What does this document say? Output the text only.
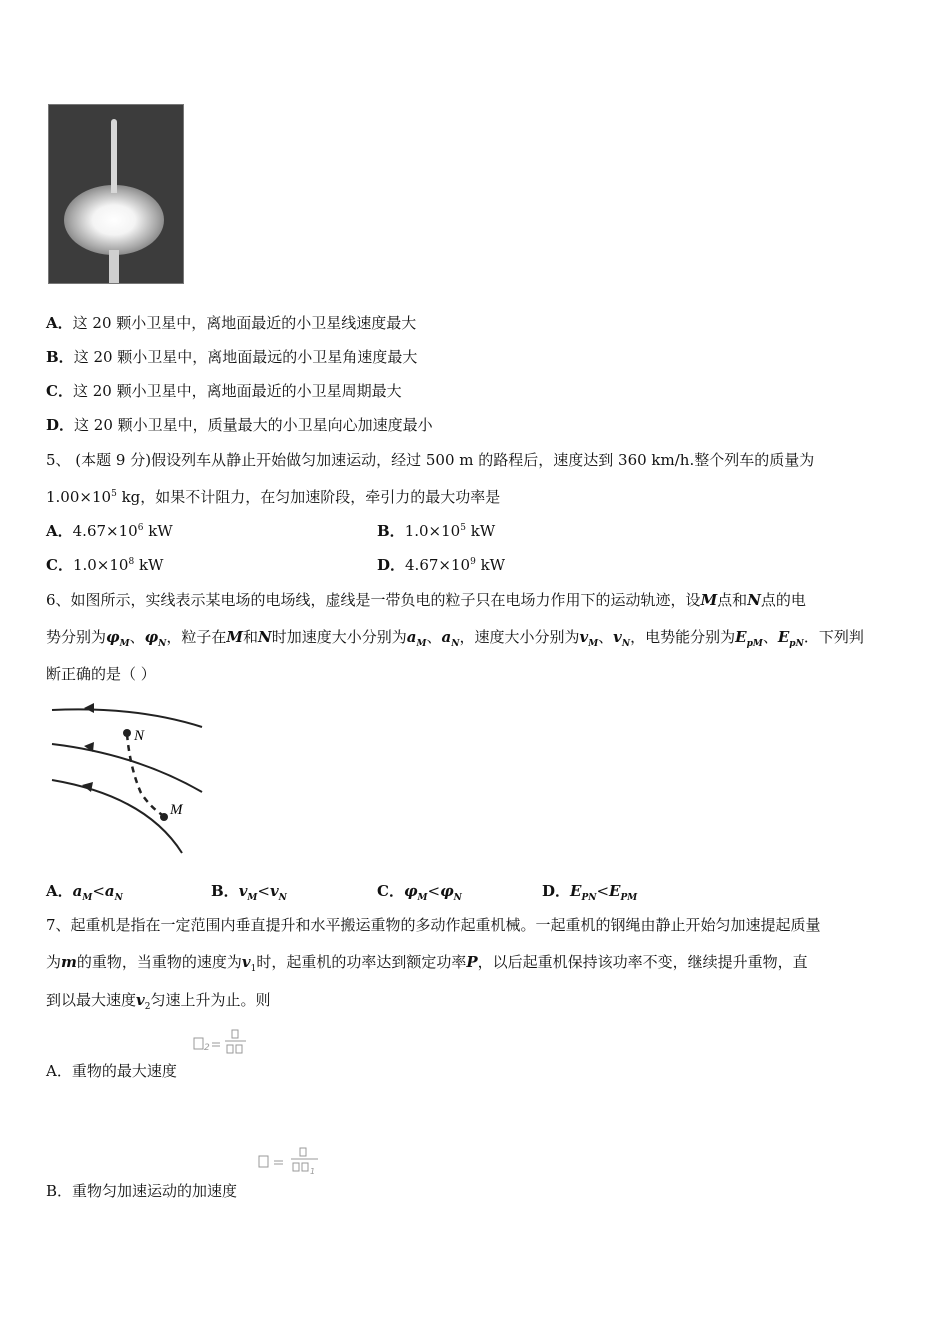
A．这 20 颗小卫星中，离地面最近的小卫星线速度最大
B．这 20 颗小卫星中，离地面最远的小卫星角速度最大
C．这 20 颗小卫星中，离地面最近的小卫星周期最大
D．这 20 颗小卫星中，质量最大的小卫星向心加速度最小
5、 (本题 9 分)假设列车从静止开始做匀加速运动，经过 500 m 的路程后，速度达到 360 km/h.整个列车的质量为
$1.00\times 10^5$ kg，如果不计阻力，在匀加速阶段，牵引力的最大功率是
A．$4.67\times 10^6$ kW	B．$1.0\times 10^5$ kW
C．$1.0\times 10^8$ kW	D．$4.67\times 10^9$ kW
6、如图所示，实线表示某电场的电场线，虚线是一带负电的粒子只在电场力作用下的运动轨迹，设M点和N点的电
势分别为$\varphi_M$、$\varphi_N$，粒子在M和N时加速度大小分别为$a_M$、$a_N$，速度大小分别为$v_M$、$v_N$，电势能分别为$E_{pM}$、$E_{pN}$．下列判
断正确的是（ ）
N
M
A．$a_M<a_N$	B．$v_M<v_N$	C．$\varphi_M<\varphi_N$	D．$E_{PN}<E_{PM}$
7、起重机是指在一定范围内垂直提升和水平搬运重物的多动作起重机械。一起重机的钢绳由静止开始匀加速提起质量
为m的重物，当重物的速度为$v_1$时，起重机的功率达到额定功率P，以后起重机保持该功率不变，继续提升重物，直
到以最大速度$v_2$匀速上升为止。则
2
A．重物的最大速度
1
B．重物匀加速运动的加速度
